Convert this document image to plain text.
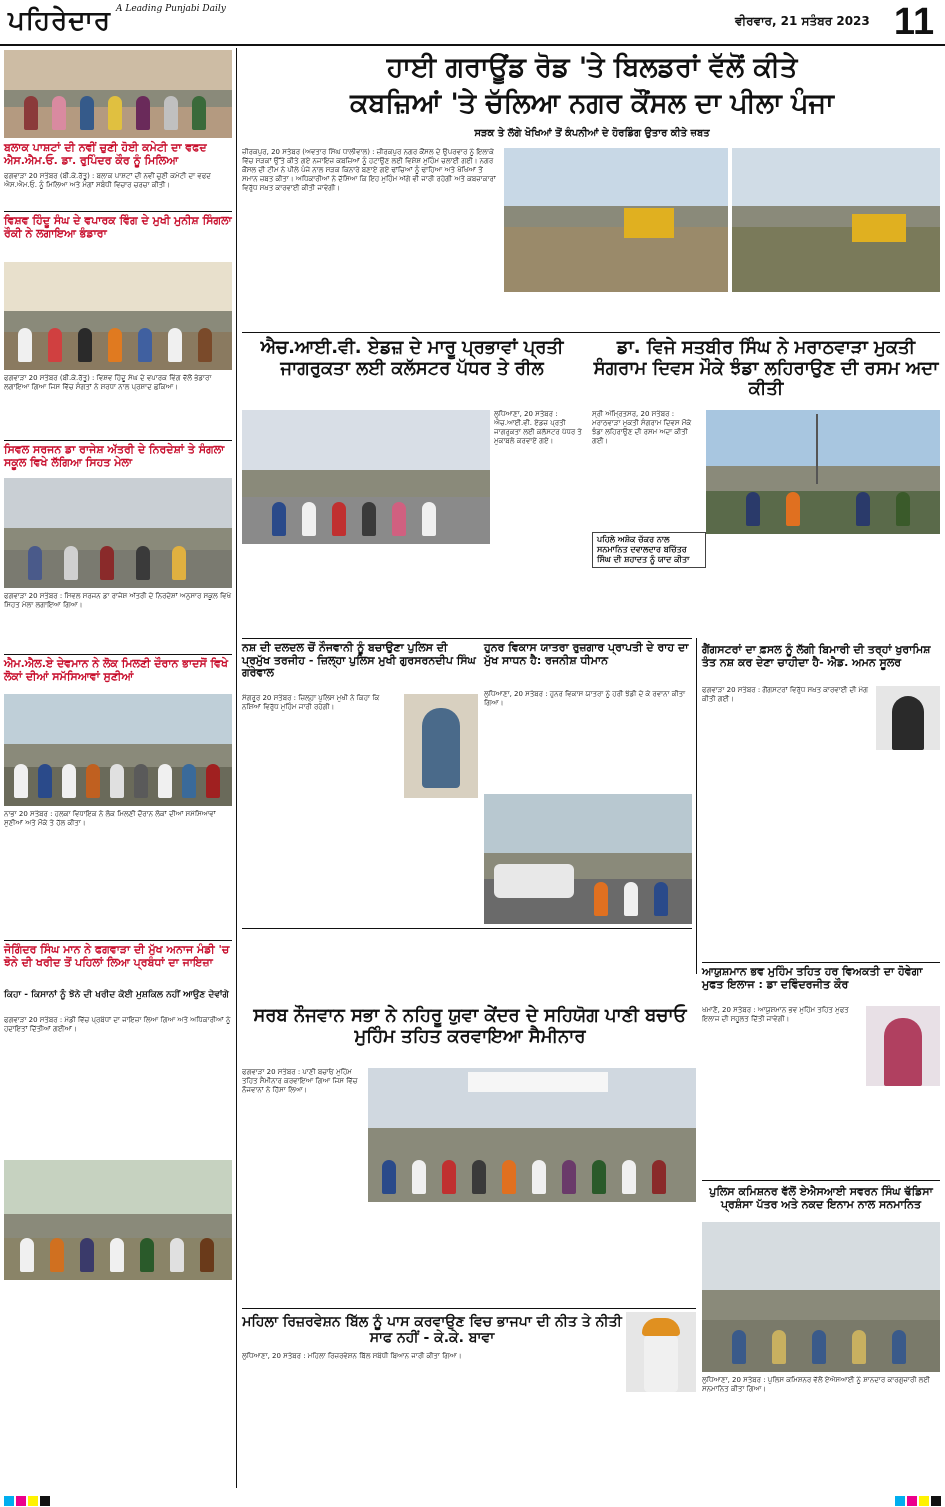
ਪਹਿਰੇਦਾਰ A Leading Punjabi Daily
ਵੀਰਵਾਰ, 21 ਸਤੰਬਰ 2023 11
ਬਲਾਕ ਪਾਸ਼ਟਾਂ ਦੀ ਨਵੀਂ ਚੁਣੀ ਹੋਈ ਕਮੇਟੀ ਦਾ ਵਫਦ ਐਸ.ਐਮ.ਓ. ਡਾ. ਰੁਪਿੰਦਰ ਕੌਰ ਨੂੰ ਮਿਲਿਆ
ਫਗਵਾੜਾ 20 ਸਤੰਬਰ (ਬੀ.ਕੇ.ਰੱਤੂ) : ਬਲਾਕ ਪਾਸ਼ਟਾਂ ਦੀ ਨਵੀਂ ਚੁਣੀ ਕਮੇਟੀ ਦਾ ਵਫਦ ਐਸ.ਐਮ.ਓ. ਨੂੰ ਮਿਲਿਆ ਅਤੇ ਮੰਗਾਂ ਸਬੰਧੀ ਵਿਚਾਰ ਚਰਚਾ ਕੀਤੀ।
ਵਿਸ਼ਵ ਹਿੰਦੂ ਸੰਘ ਦੇ ਵਪਾਰਕ ਵਿੰਗ ਦੇ ਮੁਖੀ ਮੁਨੀਸ਼ ਸਿੰਗਲਾ ਰੌਕੀ ਨੇ ਲਗਾਇਆ ਭੰਡਾਰਾ
ਫਗਵਾੜਾ 20 ਸਤੰਬਰ (ਬੀ.ਕੇ.ਰੱਤੂ) : ਵਿਸ਼ਵ ਹਿੰਦੂ ਸੰਘ ਦੇ ਵਪਾਰਕ ਵਿੰਗ ਵੱਲੋਂ ਭੰਡਾਰਾ ਲਗਾਇਆ ਗਿਆ ਜਿਸ ਵਿੱਚ ਸੰਗਤਾਂ ਨੇ ਸ਼ਰਧਾ ਨਾਲ ਪ੍ਰਸ਼ਾਦ ਛਕਿਆ।
ਸਿਵਲ ਸਰਜਨ ਡਾ ਰਾਜੇਸ਼ ਅੱਤਰੀ ਦੇ ਨਿਰਦੇਸ਼ਾਂ ਤੇ ਸੰਗਲਾ ਸਕੂਲ ਵਿਖੇ ਲੱਗਿਆ ਸਿਹਤ ਮੇਲਾ
ਫਗਵਾੜਾ 20 ਸਤੰਬਰ : ਸਿਵਲ ਸਰਜਨ ਡਾ ਰਾਜੇਸ਼ ਅੱਤਰੀ ਦੇ ਨਿਰਦੇਸ਼ਾਂ ਅਨੁਸਾਰ ਸਕੂਲ ਵਿਖੇ ਸਿਹਤ ਮੇਲਾ ਲਗਾਇਆ ਗਿਆ।
ਐਮ.ਐਲ.ਏ ਦੇਵਮਾਨ ਨੇ ਲੋਕ ਮਿਲਣੀ ਦੌਰਾਨ ਭਾਦਸੋਂ ਵਿਖੇ ਲੋਕਾਂ ਦੀਆਂ ਸਮੱਸਿਆਵਾਂ ਸੁਣੀਆਂ
ਨਾਭਾ 20 ਸਤੰਬਰ : ਹਲਕਾ ਵਿਧਾਇਕ ਨੇ ਲੋਕ ਮਿਲਣੀ ਦੌਰਾਨ ਲੋਕਾਂ ਦੀਆਂ ਸਮੱਸਿਆਵਾਂ ਸੁਣੀਆਂ ਅਤੇ ਮੌਕੇ ਤੇ ਹੱਲ ਕੀਤਾ।
ਜੋਗਿੰਦਰ ਸਿੰਘ ਮਾਨ ਨੇ ਫਗਵਾੜਾ ਦੀ ਮੁੱਖ ਅਨਾਜ ਮੰਡੀ 'ਚ ਝੋਨੇ ਦੀ ਖਰੀਦ ਤੋਂ ਪਹਿਲਾਂ ਲਿਆ ਪ੍ਰਬੰਧਾਂ ਦਾ ਜਾਇਜ਼ਾ
ਕਿਹਾ - ਕਿਸਾਨਾਂ ਨੂੰ ਝੋਨੇ ਦੀ ਖਰੀਦ ਕੋਈ ਮੁਸ਼ਕਿਲ ਨਹੀਂ ਆਉਣ ਦੇਵਾਂਗੇ
ਫਗਵਾੜਾ 20 ਸਤੰਬਰ : ਮੰਡੀ ਵਿੱਚ ਪ੍ਰਬੰਧਾਂ ਦਾ ਜਾਇਜ਼ਾ ਲਿਆ ਗਿਆ ਅਤੇ ਅਧਿਕਾਰੀਆਂ ਨੂੰ ਹਦਾਇਤਾਂ ਦਿੱਤੀਆਂ ਗਈਆਂ।
ਹਾਈ ਗਰਾਊਂਡ ਰੋਡ 'ਤੇ ਬਿਲਡਰਾਂ ਵੱਲੋਂ ਕੀਤੇ
ਕਬਜ਼ਿਆਂ 'ਤੇ ਚੱਲਿਆ ਨਗਰ ਕੌਂਸਲ ਦਾ ਪੀਲਾ ਪੰਜਾ
ਸੜਕ ਤੇ ਲੱਗੇ ਖੋਖਿਆਂ ਤੋਂ ਕੰਪਨੀਆਂ ਦੇ ਹੋਰਡਿੰਗ ਉਤਾਰ ਕੀਤੇ ਜ਼ਬਤ
ਜ਼ੀਰਕਪੁਰ, 20 ਸਤੰਬਰ (ਅਵਤਾਰ ਸਿੰਘ ਧਾਲੀਵਾਲ) : ਜ਼ੀਰਕਪੁਰ ਨਗਰ ਕੌਂਸਲ ਦੇ ਉਪਰਵਾਰ ਨੂੰ ਇਲਾਕੇ ਵਿੱਚ ਸੜਕਾਂ ਉੱਤੇ ਕੀਤੇ ਗਏ ਨਜਾਇਜ਼ ਕਬਜ਼ਿਆਂ ਨੂੰ ਹਟਾਉਣ ਲਈ ਵਿਸ਼ੇਸ਼ ਮੁਹਿੰਮ ਚਲਾਈ ਗਈ। ਨਗਰ ਕੌਂਸਲ ਦੀ ਟੀਮ ਨੇ ਪੀਲੇ ਪੰਜੇ ਨਾਲ ਸੜਕ ਕਿਨਾਰੇ ਬਣਾਏ ਗਏ ਢਾਂਚਿਆਂ ਨੂੰ ਢਾਹਿਆ ਅਤੇ ਖੋਖਿਆਂ ਤੋਂ ਸਮਾਨ ਜ਼ਬਤ ਕੀਤਾ। ਅਧਿਕਾਰੀਆਂ ਨੇ ਦੱਸਿਆ ਕਿ ਇਹ ਮੁਹਿੰਮ ਅੱਗੇ ਵੀ ਜਾਰੀ ਰਹੇਗੀ ਅਤੇ ਕਬਜ਼ਾਕਾਰਾਂ ਵਿਰੁੱਧ ਸਖ਼ਤ ਕਾਰਵਾਈ ਕੀਤੀ ਜਾਵੇਗੀ।
ਐਚ.ਆਈ.ਵੀ. ਏਡਜ਼ ਦੇ ਮਾਰੂ ਪ੍ਰਭਾਵਾਂ ਪ੍ਰਤੀ ਜਾਗਰੁਕਤਾ ਲਈ ਕਲੱਸਟਰ ਪੱਧਰ ਤੇ ਰੀਲ
ਲੁਧਿਆਣਾ, 20 ਸਤੰਬਰ : ਐਚ.ਆਈ.ਵੀ. ਏਡਜ਼ ਪ੍ਰਤੀ ਜਾਗਰੁਕਤਾ ਲਈ ਕਲੱਸਟਰ ਪੱਧਰ ਤੇ ਮੁਕਾਬਲੇ ਕਰਵਾਏ ਗਏ।
ਡਾ. ਵਿਜੇ ਸਤਬੀਰ ਸਿੰਘ ਨੇ ਮਰਾਠਵਾੜਾ ਮੁਕਤੀ ਸੰਗਰਾਮ ਦਿਵਸ ਮੌਕੇ ਝੰਡਾ ਲਹਿਰਾਉਣ ਦੀ ਰਸਮ ਅਦਾ ਕੀਤੀ
ਸ੍ਰੀ ਅੰਮ੍ਰਿਤਸਰ, 20 ਸਤੰਬਰ : ਮਰਾਠਵਾੜਾ ਮੁਕਤੀ ਸੰਗਰਾਮ ਦਿਵਸ ਮੌਕੇ ਝੰਡਾ ਲਹਿਰਾਉਣ ਦੀ ਰਸਮ ਅਦਾ ਕੀਤੀ ਗਈ।
ਪਹਿਲੇ ਅਸ਼ੋਕ ਚੱਕਰ ਨਾਲ ਸਨਮਾਨਿਤ ਦਵਾਲਦਾਰ ਬਚਿੱਤਰ ਸਿੰਘ ਦੀ ਸ਼ਹਾਦਤ ਨੂੰ ਯਾਦ ਕੀਤਾ
ਨਸ਼ ਦੀ ਦਲਦਲ ਚੋਂ ਨੌਜਵਾਨੀ ਨੂੰ ਬਚਾਉਣਾ ਪੁਲਿਸ ਦੀ ਪ੍ਰਮੁੱਖ ਤਰਜੀਹ - ਜ਼ਿਲ੍ਹਾ ਪੁਲਿਸ ਮੁਖੀ ਗੁਰਸਰਨਦੀਪ ਸਿੰਘ ਗਰੇਵਾਲ
ਸੰਗਰੂਰ 20 ਸਤੰਬਰ : ਜ਼ਿਲ੍ਹਾ ਪੁਲਿਸ ਮੁਖੀ ਨੇ ਕਿਹਾ ਕਿ ਨਸ਼ਿਆਂ ਵਿਰੁੱਧ ਮੁਹਿੰਮ ਜਾਰੀ ਰਹੇਗੀ।
ਹੁਨਰ ਵਿਕਾਸ ਯਾਤਰਾ ਰੁਜ਼ਗਾਰ ਪ੍ਰਾਪਤੀ ਦੇ ਰਾਹ ਦਾ ਮੁੱਖ ਸਾਧਨ ਹੈ: ਰਜਨੀਸ਼ ਧੀਮਾਨ
ਲੁਧਿਆਣਾ, 20 ਸਤੰਬਰ : ਹੁਨਰ ਵਿਕਾਸ ਯਾਤਰਾ ਨੂੰ ਹਰੀ ਝੰਡੀ ਦੇ ਕੇ ਰਵਾਨਾ ਕੀਤਾ ਗਿਆ।
ਗੈਂਗਸਟਰਾਂ ਦਾ ਫ਼ਸਲ ਨੂੰ ਲੱਗੀ ਬਿਮਾਰੀ ਦੀ ਤਰ੍ਹਾਂ ਖੁਰਾਮਿਸ਼ ਤੰਤ ਨਸ਼ ਕਰ ਦੇਣਾ ਚਾਹੀਦਾ ਹੈ- ਐਡ. ਅਮਨ ਸੂਲਰ
ਫਗਵਾੜਾ 20 ਸਤੰਬਰ : ਗੈਂਗਸਟਰਾਂ ਵਿਰੁੱਧ ਸਖ਼ਤ ਕਾਰਵਾਈ ਦੀ ਮੰਗ ਕੀਤੀ ਗਈ।
ਆਯੁਸ਼ਮਾਨ ਭਵ ਮੁਹਿੰਮ ਤਹਿਤ ਹਰ ਵਿਅਕਤੀ ਦਾ ਹੋਵੇਗਾ ਮੁਫਤ ਇਲਾਜ : ਡਾ ਦਵਿੰਦਰਜੀਤ ਕੌਰ
ਸਰਬ ਨੌਜਵਾਨ ਸਭਾ ਨੇ ਨਹਿਰੂ ਯੁਵਾ ਕੇਂਦਰ ਦੇ ਸਹਿਯੋਗ ਪਾਣੀ ਬਚਾਓ ਮੁਹਿੰਮ ਤਹਿਤ ਕਰਵਾਇਆ ਸੈਮੀਨਾਰ
ਫਗਵਾੜਾ 20 ਸਤੰਬਰ : ਪਾਣੀ ਬਚਾਓ ਮੁਹਿੰਮ ਤਹਿਤ ਸੈਮੀਨਾਰ ਕਰਵਾਇਆ ਗਿਆ ਜਿਸ ਵਿੱਚ ਨੌਜਵਾਨਾਂ ਨੇ ਹਿੱਸਾ ਲਿਆ।
ਖਮਾਣੋਂ, 20 ਸਤੰਬਰ : ਆਯੁਸ਼ਮਾਨ ਭਵ ਮੁਹਿੰਮ ਤਹਿਤ ਮੁਫਤ ਇਲਾਜ ਦੀ ਸਹੂਲਤ ਦਿੱਤੀ ਜਾਵੇਗੀ।
ਪੁਲਿਸ ਕਮਿਸ਼ਨਰ ਵੱਲੋਂ ਏਐਸਆਈ ਸਵਰਨ ਸਿੰਘ ਢੱਡਿਸਾ ਪ੍ਰਸ਼ੰਸਾ ਪੱਤਰ ਅਤੇ ਨਕਦ ਇਨਾਮ ਨਾਲ ਸਨਮਾਨਿਤ
ਲੁਧਿਆਣਾ, 20 ਸਤੰਬਰ : ਪੁਲਿਸ ਕਮਿਸ਼ਨਰ ਵੱਲੋਂ ਏਐਸਆਈ ਨੂੰ ਸ਼ਾਨਦਾਰ ਕਾਰਗੁਜ਼ਾਰੀ ਲਈ ਸਨਮਾਨਿਤ ਕੀਤਾ ਗਿਆ।
ਮਹਿਲਾ ਰਿਜ਼ਰਵੇਸ਼ਨ ਬਿੱਲ ਨੂੰ ਪਾਸ ਕਰਵਾਉਣ ਵਿਚ ਭਾਜਪਾ ਦੀ ਨੀਤ ਤੇ ਨੀਤੀ ਸਾਫ ਨਹੀਂ - ਕੇ.ਕੇ. ਬਾਵਾ
ਲੁਧਿਆਣਾ, 20 ਸਤੰਬਰ : ਮਹਿਲਾ ਰਿਜ਼ਰਵੇਸ਼ਨ ਬਿੱਲ ਸਬੰਧੀ ਬਿਆਨ ਜਾਰੀ ਕੀਤਾ ਗਿਆ।
